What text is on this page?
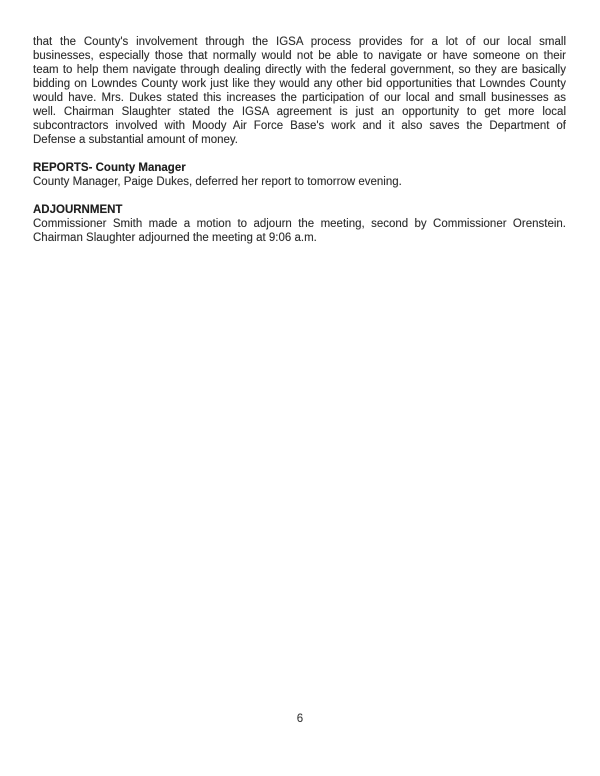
that the County's involvement through the IGSA process provides for a lot of our local small
businesses, especially those that normally would not be able to navigate or have someone on their
team to help them navigate through dealing directly with the federal government, so they are basically
bidding on Lowndes County work just like they would any other bid opportunities that Lowndes County
would have. Mrs. Dukes stated this increases the participation of our local and small businesses as
well. Chairman Slaughter stated the IGSA agreement is just an opportunity to get more local
subcontractors involved with Moody Air Force Base's work and it also saves the Department of
Defense a substantial amount of money.
REPORTS- County Manager
County Manager, Paige Dukes, deferred her report to tomorrow evening.
ADJOURNMENT
Commissioner Smith made a motion to adjourn the meeting, second by Commissioner Orenstein.
Chairman Slaughter adjourned the meeting at 9:06 a.m.
6
